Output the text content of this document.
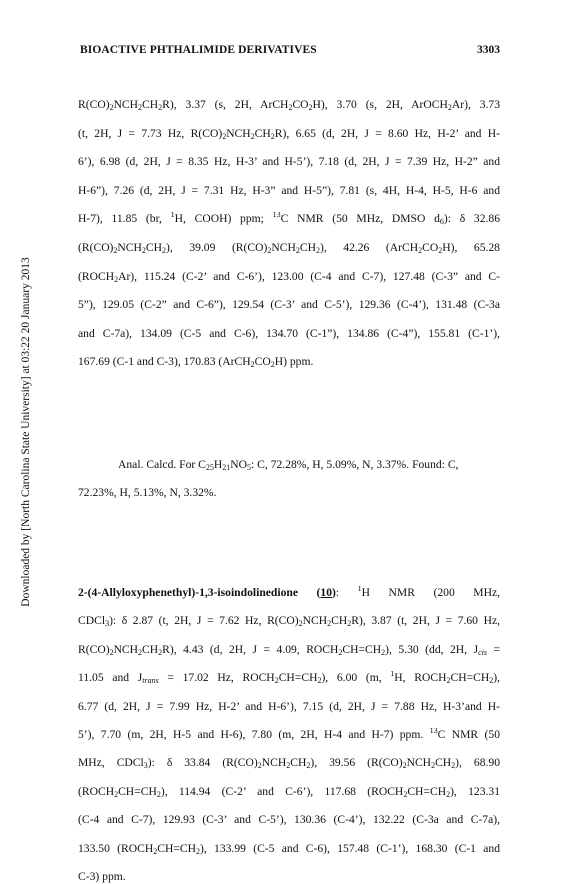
BIOACTIVE PHTHALIMIDE DERIVATIVES	3303
Downloaded by [North Carolina State University] at 03:22 20 January 2013
$R(CO)_2NCH_2CH_2R$), 3.37 (s, 2H, $ArCH_2CO_2H$), 3.70 (s, 2H, ArOCH$_2$Ar), 3.73
(t, 2H, J = 7.73 Hz, $R(CO)_2NCH_2CH_2R$), 6.65 (d, 2H, J = 8.60 Hz, H-2’ and H-
6’), 6.98 (d, 2H, J = 8.35 Hz, H-3’ and H-5’), 7.18 (d, 2H, J = 7.39 Hz, H-2” and
H-6”), 7.26 (d, 2H, J = 7.31 Hz, H-3” and H-5”), 7.81 (s, 4H, H-4, H-5, H-6 and
H-7), 11.85 (br, $^1$H, COOH) ppm; $^{13}$C NMR (50 MHz, DMSO $d_6$): δ 32.86
$(R(CO)_2NCH_2CH_2)$, 39.09 $(R(CO)_2NCH_2CH_2)$, 42.26 $(ArCH_2CO_2H)$, 65.28
$(ROCH_2Ar)$, 115.24 (C-2’ and C-6’), 123.00 (C-4 and C-7), 127.48 (C-3” and C-
5”), 129.05 (C-2” and C-6”), 129.54 (C-3’ and C-5’), 129.36 (C-4’), 131.48 (C-3a
and C-7a), 134.09 (C-5 and C-6), 134.70 (C-1”), 134.86 (C-4”), 155.81 (C-1’),
167.69 (C-1 and C-3), 170.83 $(ArCH_2CO_2H)$ ppm.
Anal. Calcd. For $C_{25}H_{21}NO_5$: C, 72.28%, H, 5.09%, N, 3.37%. Found: C,
72.23%, H, 5.13%, N, 3.32%.
2-(4-Allyloxyphenethyl)-1,3-isoindolinedione (10): $^1$H NMR (200 MHz,
CDCl$_3$): δ 2.87 (t, 2H, J = 7.62 Hz, $R(CO)_2NCH_2CH_2R$), 3.87 (t, 2H, J = 7.60 Hz,
$R(CO)_2NCH_2CH_2R$), 4.43 (d, 2H, J = 4.09, $ROCH_2CH=CH_2$), 5.30 (dd, 2H, $J_{cis}$ =
11.05 and $J_{trans} = 17.02$ Hz, $ROCH_2CH=CH_2$), 6.00 (m, $^1$H, $ROCH_2CH=CH_2$),
6.77 (d, 2H, J = 7.99 Hz, H-2’ and H-6’), 7.15 (d, 2H, J = 7.88 Hz, H-3’and H-
5’), 7.70 (m, 2H, H-5 and H-6), 7.80 (m, 2H, H-4 and H-7) ppm. $^{13}$C NMR (50
MHz, CDCl$_3$): δ 33.84 $(R(CO)_2NCH_2CH_2)$, 39.56 $(R(CO)_2NCH_2CH_2)$, 68.90
$(ROCH_2CH=CH_2)$, 114.94 (C-2’ and C-6’), 117.68 $(ROCH_2CH=CH_2)$, 123.31
(C-4 and C-7), 129.93 (C-3’ and C-5’), 130.36 (C-4’), 132.22 (C-3a and C-7a),
133.50 $(ROCH_2CH=CH_2)$, 133.99 (C-5 and C-6), 157.48 (C-1’), 168.30 (C-1 and
C-3) ppm.
